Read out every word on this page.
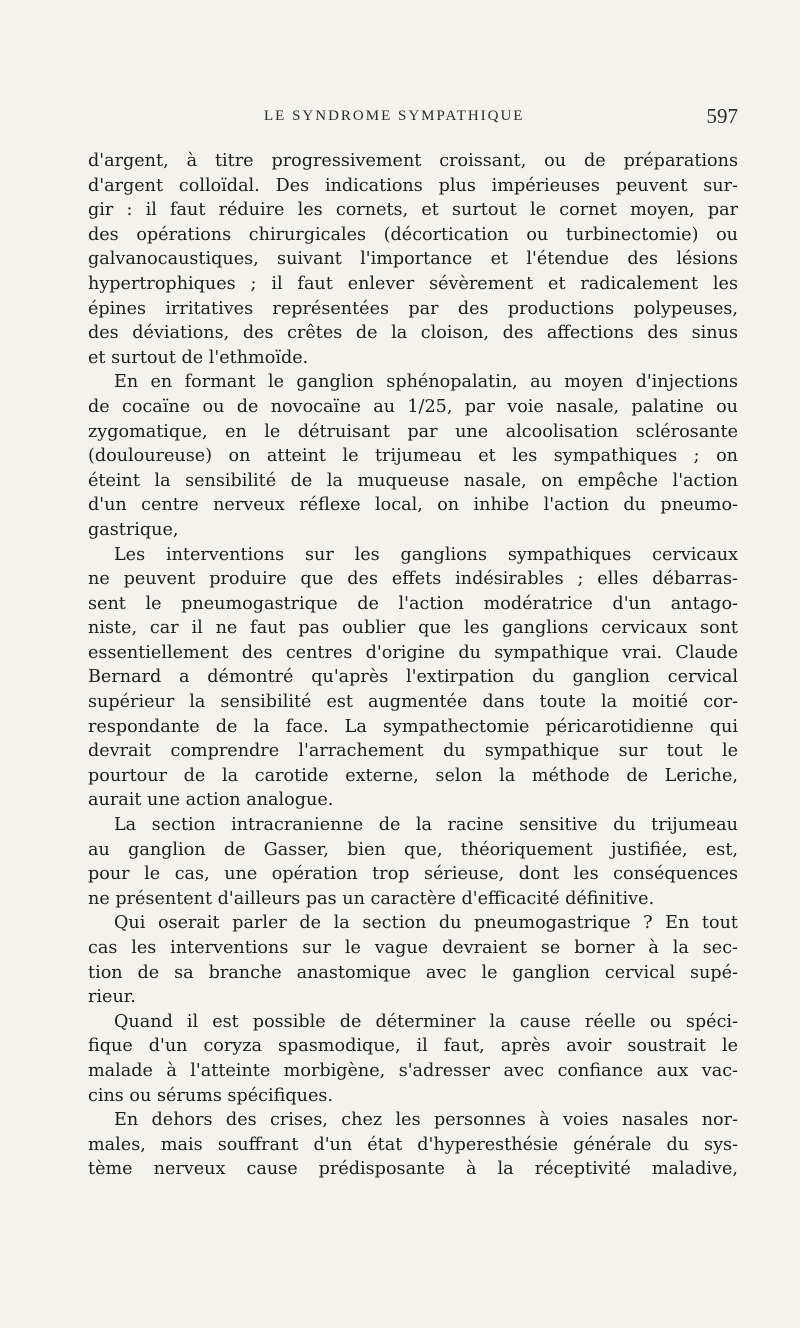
LE SYNDROME SYMPATHIQUE	597
d'argent, à titre progressivement croissant, ou de préparations
d'argent colloïdal. Des indications plus impérieuses peuvent sur-
gir : il faut réduire les cornets, et surtout le cornet moyen, par
des opérations chirurgicales (décortication ou turbinectomie) ou
galvanocaustiques, suivant l'importance et l'étendue des lésions
hypertrophiques ; il faut enlever sévèrement et radicalement les
épines irritatives représentées par des productions polypeuses,
des déviations, des crêtes de la cloison, des affections des sinus
et surtout de l'ethmoïde.
En en formant le ganglion sphénopalatin, au moyen d'injections
de cocaïne ou de novocaïne au 1/25, par voie nasale, palatine ou
zygomatique, en le détruisant par une alcoolisation sclérosante
(douloureuse) on atteint le trijumeau et les sympathiques ; on
éteint la sensibilité de la muqueuse nasale, on empêche l'action
d'un centre nerveux réflexe local, on inhibe l'action du pneumo-
gastrique,
Les interventions sur les ganglions sympathiques cervicaux
ne peuvent produire que des effets indésirables ; elles débarras-
sent le pneumogastrique de l'action modératrice d'un antago-
niste, car il ne faut pas oublier que les ganglions cervicaux sont
essentiellement des centres d'origine du sympathique vrai. Claude
Bernard a démontré qu'après l'extirpation du ganglion cervical
supérieur la sensibilité est augmentée dans toute la moitié cor-
respondante de la face. La sympathectomie péricarotidienne qui
devrait comprendre l'arrachement du sympathique sur tout le
pourtour de la carotide externe, selon la méthode de Leriche,
aurait une action analogue.
La section intracranienne de la racine sensitive du trijumeau
au ganglion de Gasser, bien que, théoriquement justifiée, est,
pour le cas, une opération trop sérieuse, dont les conséquences
ne présentent d'ailleurs pas un caractère d'efficacité définitive.
Qui oserait parler de la section du pneumogastrique ? En tout
cas les interventions sur le vague devraient se borner à la sec-
tion de sa branche anastomique avec le ganglion cervical supé-
rieur.
Quand il est possible de déterminer la cause réelle ou spéci-
fique d'un coryza spasmodique, il faut, après avoir soustrait le
malade à l'atteinte morbigène, s'adresser avec confiance aux vac-
cins ou sérums spécifiques.
En dehors des crises, chez les personnes à voies nasales nor-
males, mais souffrant d'un état d'hyperesthésie générale du sys-
tème nerveux cause prédisposante à la réceptivité maladive,
